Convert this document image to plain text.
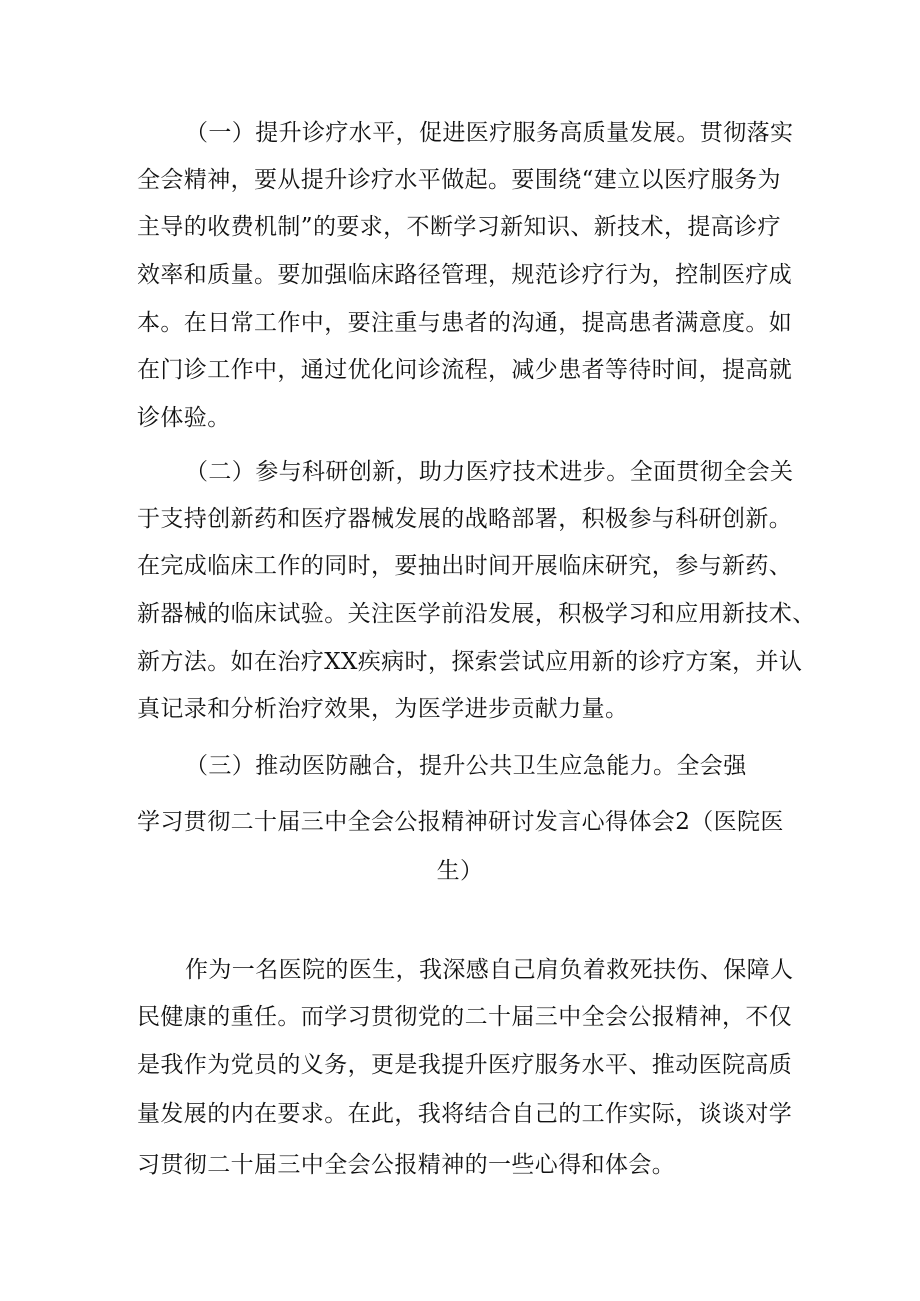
（一）提升诊疗水平，促进医疗服务高质量发展。贯彻落实
全会精神，要从提升诊疗水平做起。要围绕“建立以医疗服务为
主导的收费机制”的要求，不断学习新知识、新技术，提高诊疗
效率和质量。要加强临床路径管理，规范诊疗行为，控制医疗成
本。在日常工作中，要注重与患者的沟通，提高患者满意度。如
在门诊工作中，通过优化问诊流程，减少患者等待时间，提高就
诊体验。
（二）参与科研创新，助力医疗技术进步。全面贯彻全会关
于支持创新药和医疗器械发展的战略部署，积极参与科研创新。
在完成临床工作的同时，要抽出时间开展临床研究，参与新药、
新器械的临床试验。关注医学前沿发展，积极学习和应用新技术、
新方法。如在治疗XX疾病时，探索尝试应用新的诊疗方案，并认
真记录和分析治疗效果，为医学进步贡献力量。
（三）推动医防融合，提升公共卫生应急能力。全会强
学习贯彻二十届三中全会公报精神研讨发言心得体会2（医院医
生）
作为一名医院的医生，我深感自己肩负着救死扶伤、保障人
民健康的重任。而学习贯彻党的二十届三中全会公报精神，不仅
是我作为党员的义务，更是我提升医疗服务水平、推动医院高质
量发展的内在要求。在此，我将结合自己的工作实际，谈谈对学
习贯彻二十届三中全会公报精神的一些心得和体会。
